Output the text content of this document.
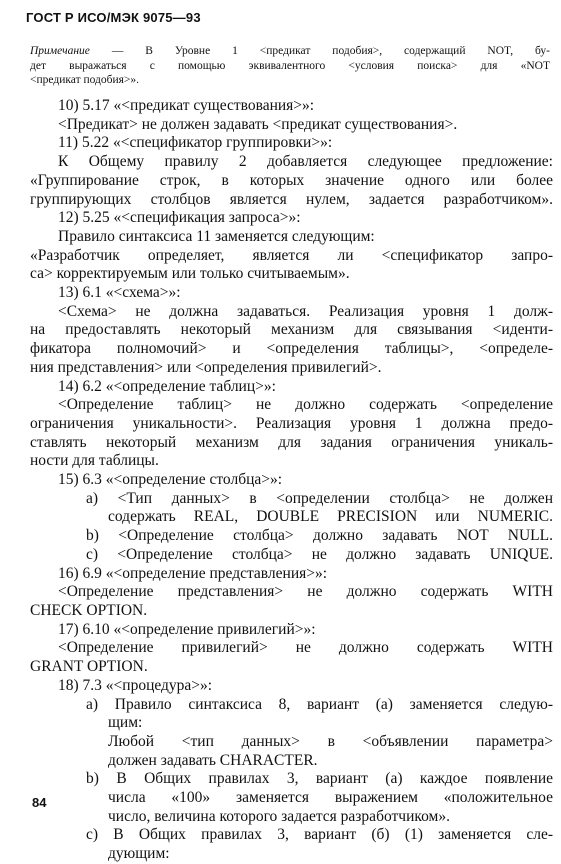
ГОСТ Р ИСО/МЭК 9075—93
Примечание — В Уровне 1 <предикат подобия>, содержащий NOT, бу-
дет выражаться с помощью эквивалентного <условия поиска> для «NOT
<предикат подобия>».
10) 5.17 «<предикат существования>»:
<Предикат> не должен задавать <предикат существования>.
11) 5.22 «<спецификатор группировки>»:
К Общему правилу 2 добавляется следующее предложение:
«Группирование строк, в которых значение одного или более
группирующих столбцов является нулем, задается разработчиком».
12) 5.25 «<спецификация запроса>»:
Правило синтаксиса 11 заменяется следующим:
«Разработчик определяет, является ли <спецификатор запро-
са> корректируемым или только считываемым».
13) 6.1 «<схема>»:
<Схема> не должна задаваться. Реализация уровня 1 долж-
на предоставлять некоторый механизм для связывания <иденти-
фикатора полномочий> и <определения таблицы>, <определе-
ния представления> или <определения привилегий>.
14) 6.2 «<определение таблиц>»:
<Определение таблиц> не должно содержать <определение
ограничения уникальности>. Реализация уровня 1 должна предо-
ставлять некоторый механизм для задания ограничения уникаль-
ности для таблицы.
15) 6.3 «<определение столбца>»:
a) <Тип данных> в <определении столбца> не должен
содержать REAL, DOUBLE PRECISION или NUMERIC.
b) <Определение столбца> должно задавать NOT NULL.
c) <Определение столбца> не должно задавать UNIQUE.
16) 6.9 «<определение представления>»:
<Определение представления> не должно содержать WITH
CHECK OPTION.
17) 6.10 «<определение привилегий>»:
<Определение привилегий> не должно содержать WITH
GRANT OPTION.
18) 7.3 «<процедура>»:
a) Правило синтаксиса 8, вариант (a) заменяется следую-
щим:
Любой <тип данных> в <объявлении параметра>
должен задавать CHARACTER.
b) В Общих правилах 3, вариант (a) каждое появление
числа «100» заменяется выражением «положительное
число, величина которого задается разработчиком».
c) В Общих правилах 3, вариант (б) (1) заменяется сле-
дующим:
84
